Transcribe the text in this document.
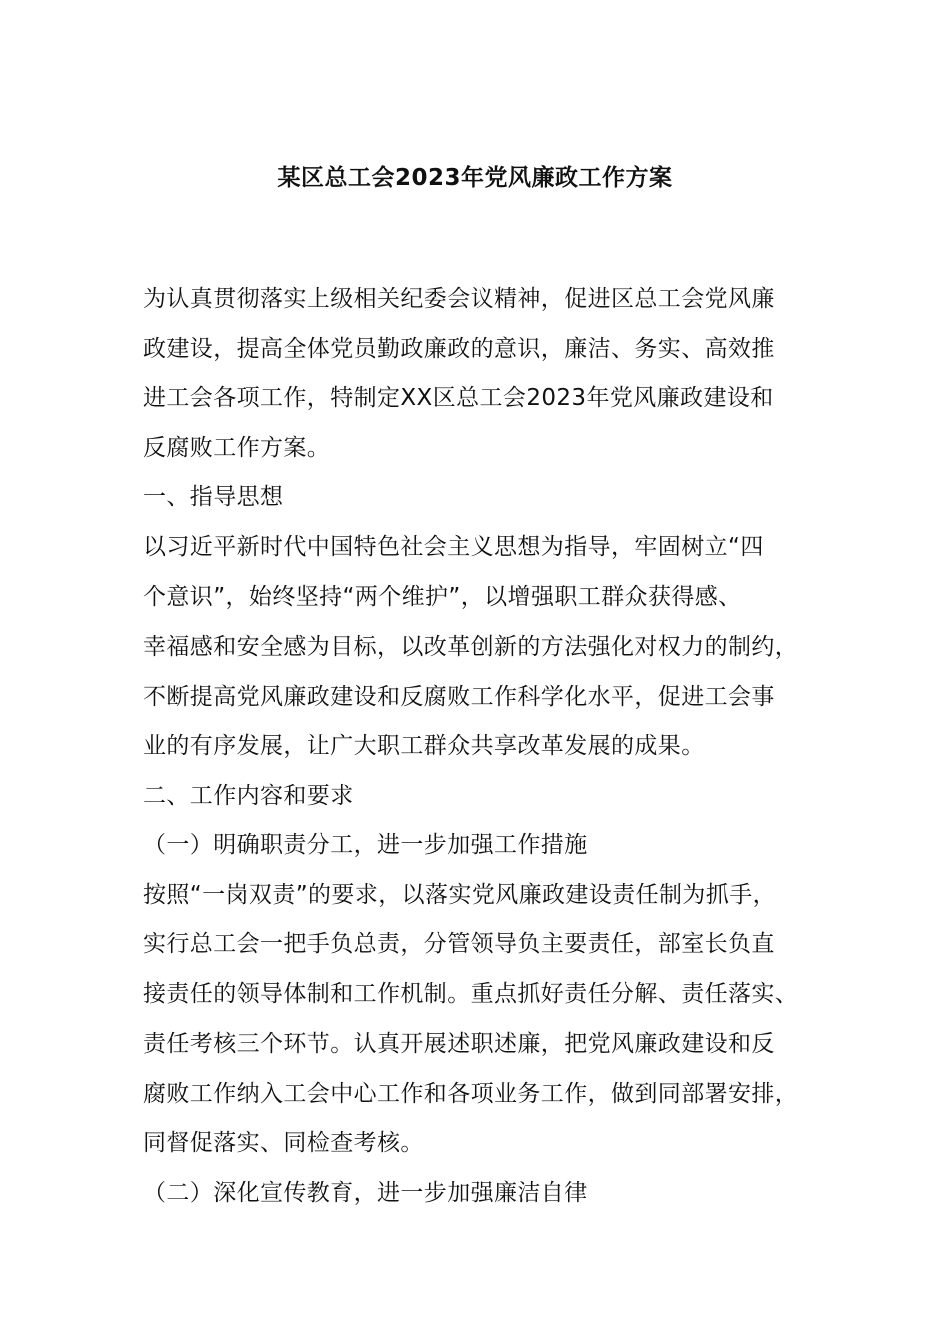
某区总工会2023年党风廉政工作方案
为认真贯彻落实上级相关纪委会议精神，促进区总工会党风廉
政建设，提高全体党员勤政廉政的意识，廉洁、务实、高效推
进工会各项工作，特制定XX区总工会2023年党风廉政建设和
反腐败工作方案。
一、指导思想
以习近平新时代中国特色社会主义思想为指导，牢固树立“四
个意识”，始终坚持“两个维护”，以增强职工群众获得感、
幸福感和安全感为目标，以改革创新的方法强化对权力的制约，
不断提高党风廉政建设和反腐败工作科学化水平，促进工会事
业的有序发展，让广大职工群众共享改革发展的成果。
二、工作内容和要求
（一）明确职责分工，进一步加强工作措施
按照“一岗双责”的要求，以落实党风廉政建设责任制为抓手，
实行总工会一把手负总责，分管领导负主要责任，部室长负直
接责任的领导体制和工作机制。重点抓好责任分解、责任落实、
责任考核三个环节。认真开展述职述廉，把党风廉政建设和反
腐败工作纳入工会中心工作和各项业务工作，做到同部署安排，
同督促落实、同检查考核。
（二）深化宣传教育，进一步加强廉洁自律
